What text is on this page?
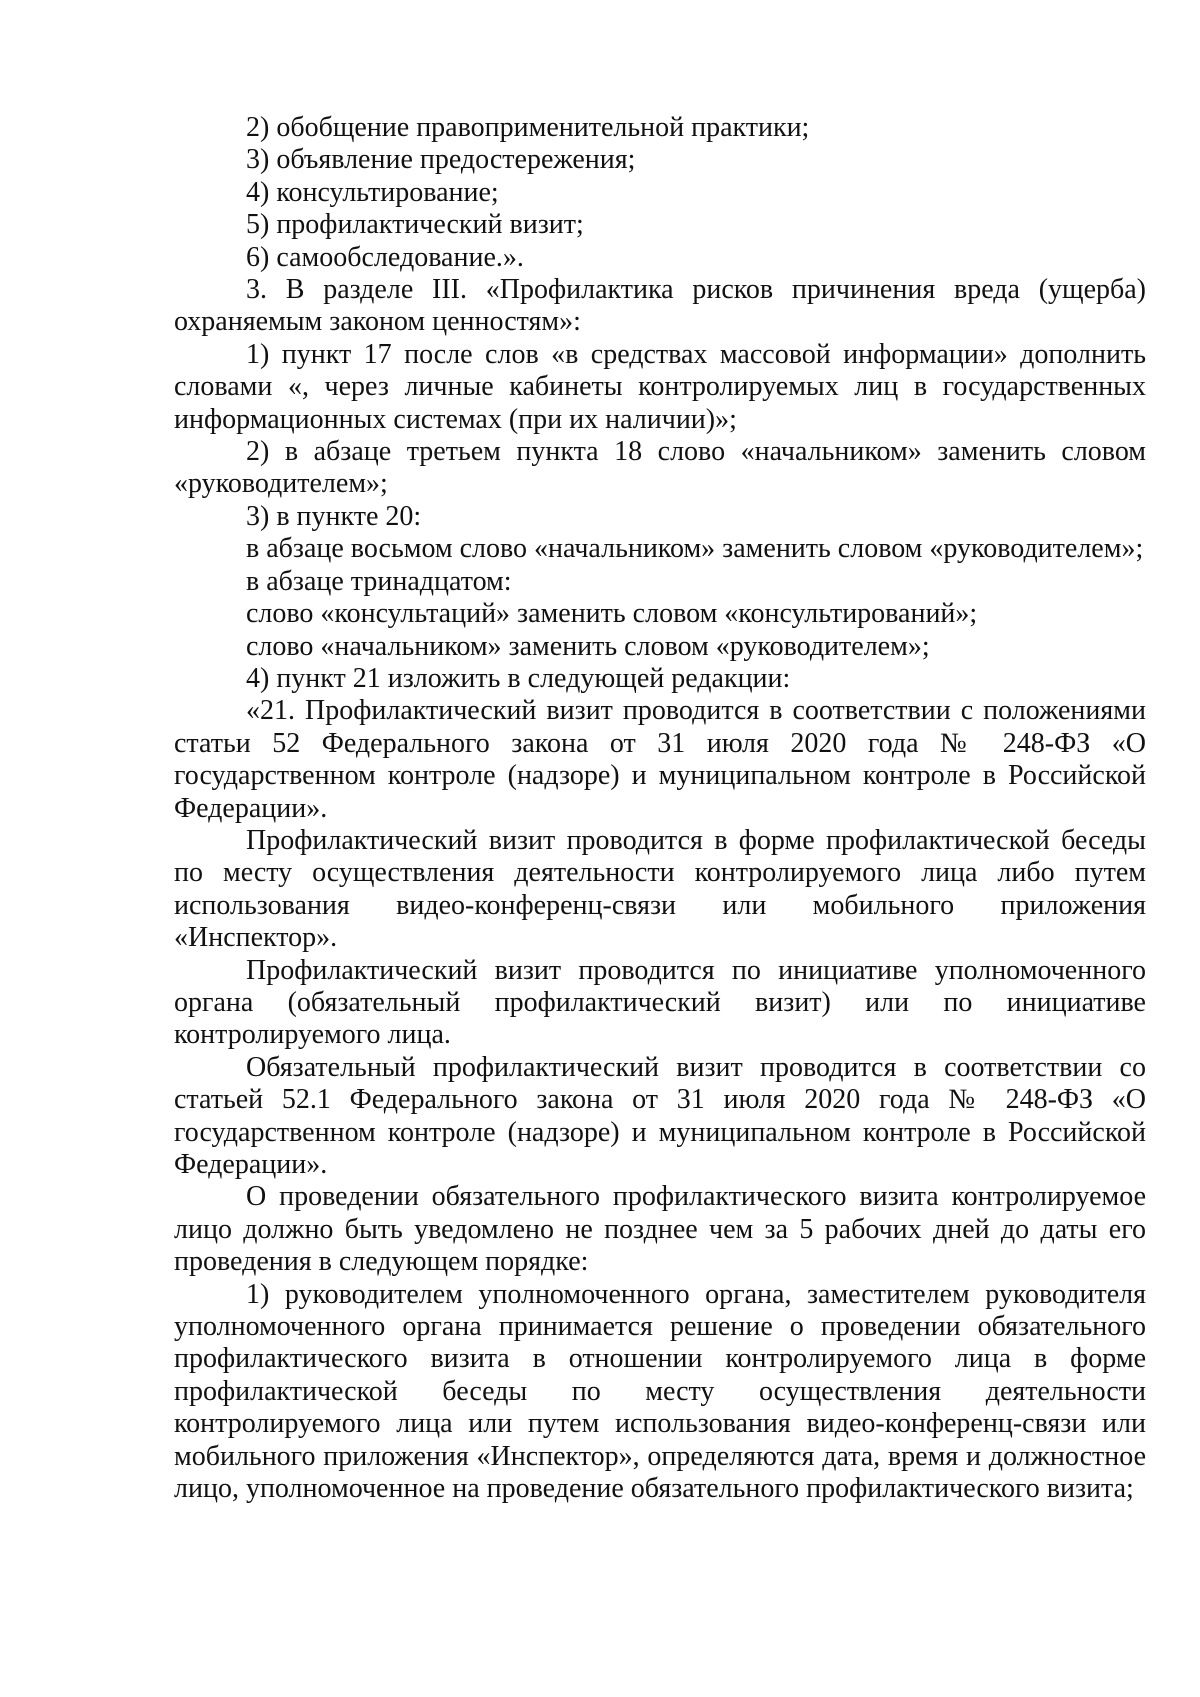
2) обобщение правоприменительной практики;

3) объявление предостережения;

4) консультирование;

5) профилактический визит;

6) самообследование.».

3. В разделе III. «Профилактика рисков причинения вреда (ущерба) охраняемым законом ценностям»:

1) пункт 17 после слов «в средствах массовой информации» дополнить словами «, через личные кабинеты контролируемых лиц в государственных информационных системах (при их наличии)»;

2) в абзаце третьем пункта 18 слово «начальником» заменить словом «руководителем»;

3) в пункте 20:

в абзаце восьмом слово «начальником» заменить словом «руководителем»;

в абзаце тринадцатом:

слово «консультаций» заменить словом «консультирований»;

слово «начальником» заменить словом «руководителем»;

4) пункт 21 изложить в следующей редакции:

«21. Профилактический визит проводится в соответствии с положениями статьи 52 Федерального закона от 31 июля 2020 года № 248-ФЗ «О государственном контроле (надзоре) и муниципальном контроле в Российской Федерации».

Профилактический визит проводится в форме профилактической беседы по месту осуществления деятельности контролируемого лица либо путем использования видео-конференц-связи или мобильного приложения «Инспектор».

Профилактический визит проводится по инициативе уполномоченного органа (обязательный профилактический визит) или по инициативе контролируемого лица.

Обязательный профилактический визит проводится в соответствии со статьей 52.1 Федерального закона от 31 июля 2020 года № 248-ФЗ «О государственном контроле (надзоре) и муниципальном контроле в Российской Федерации».

О проведении обязательного профилактического визита контролируемое лицо должно быть уведомлено не позднее чем за 5 рабочих дней до даты его проведения в следующем порядке:

1) руководителем уполномоченного органа, заместителем руководителя уполномоченного органа принимается решение о проведении обязательного профилактического визита в отношении контролируемого лица в форме профилактической беседы по месту осуществления деятельности контролируемого лица или путем использования видео-конференц-связи или мобильного приложения «Инспектор», определяются дата, время и должностное лицо, уполномоченное на проведение обязательного профилактического визита;
